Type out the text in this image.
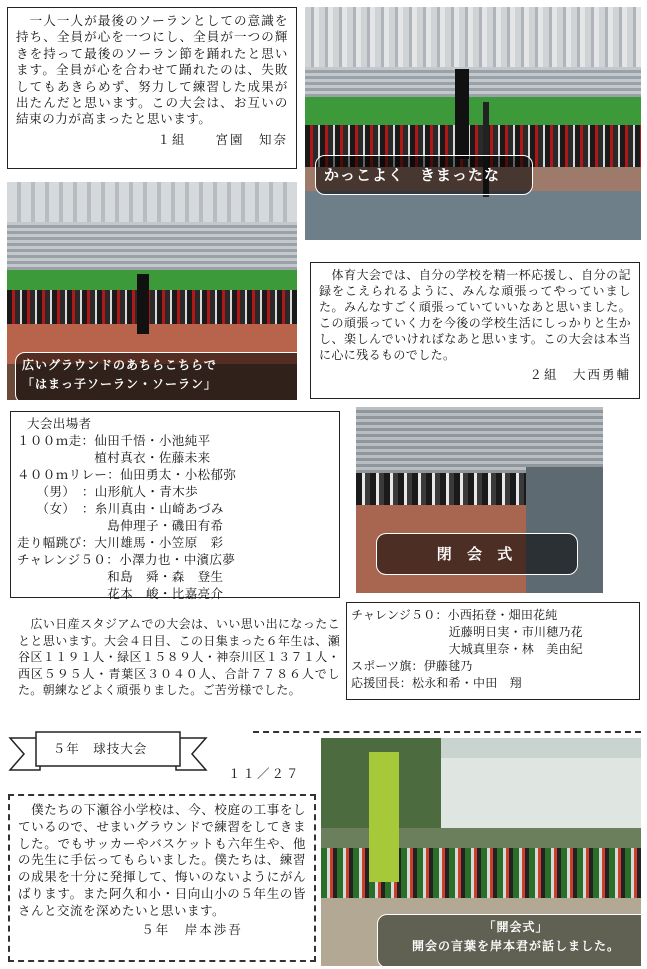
　一人一人が最後のソーランとしての意識を持ち、全員が心を一つにし、全員が一つの輝きを持って最後のソーラン節を踊れたと思います。全員が心を合わせて踊れたのは、失敗してもあきらめず、努力して練習した成果が出たんだと思います。この大会は、お互いの結束の力が高まったと思います。
１組　　宮園　知奈
かっこよく　きまったな
広いグラウンドのあちらこちらで
「はまっ子ソーラン・ソーラン」
　体育大会では、自分の学校を精一杯応援し、自分の記録をこえられるように、みんな頑張ってやっていました。みんなすごく頑張っていていいなあと思いました。この頑張っていく力を今後の学校生活にしっかりと生かし、楽しんでいければなあと思います。この大会は本当に心に残るものでした。
２組　大西勇輔
大会出場者
１００ｍ走：仙田千悟・小池純平
　　　　　　植村真衣・佐藤未来
４００ｍリレー：仙田勇太・小松郁弥
　　（男）　：山形航人・青木歩
　　（女）　：糸川真由・山崎あづみ
　　　　　　　島伸理子・磯田有希
走り幅跳び：大川雄馬・小笠原　彩
チャレンジ５０：小澤力也・中濱広夢
　　　　　　　和島　舜・森　登生
　　　　　　　花本　峻・比嘉亮介
閉 会 式
　広い日産スタジアムでの大会は、いい思い出になったことと思います。大会４日目、この日集まった６年生は、瀬谷区１１９１人・緑区１５８９人・神奈川区１３７１人・西区５９５人・青葉区３０４０人、合計７７８６人でした。朝練などよく頑張りました。ご苦労様でした。
チャレンジ５０：小西拓登・畑田花純
　　　　　　　　近藤明日実・市川穂乃花
　　　　　　　　大城真里奈・林　美由紀
スポーツ旗：伊藤毬乃
応援団長：松永和希・中田　翔
５年　球技大会
１１／２７
　僕たちの下瀬谷小学校は、今、校庭の工事をしているので、せまいグラウンドで練習をしてきました。でもサッカーやバスケットも六年生や、他の先生に手伝ってもらいました。僕たちは、練習の成果を十分に発揮して、悔いのないようにがんばります。また阿久和小・日向山小の５年生の皆さんと交流を深めたいと思います。
５年　岸本渉吾	「開会式」
開会の言葉を岸本君が話しました。
